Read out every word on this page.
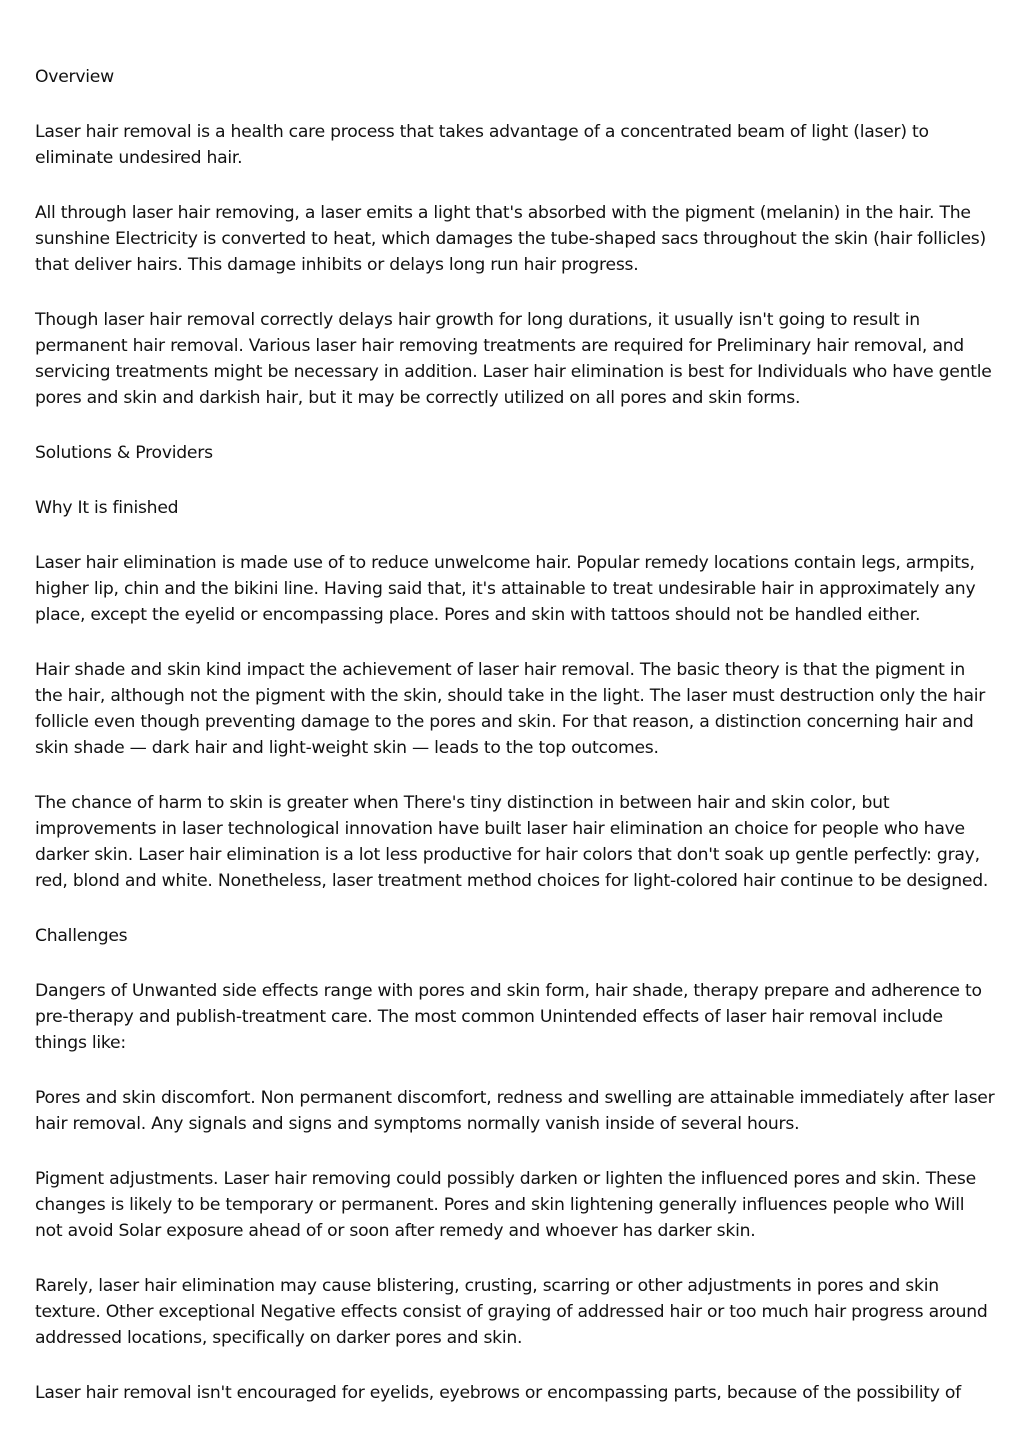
Overview

Laser hair removal is a health care process that takes advantage of a concentrated beam of light (laser) to eliminate undesired hair.

All through laser hair removing, a laser emits a light that's absorbed with the pigment (melanin) in the hair. The sunshine Electricity is converted to heat, which damages the tube-shaped sacs throughout the skin (hair follicles) that deliver hairs. This damage inhibits or delays long run hair progress.

Though laser hair removal correctly delays hair growth for long durations, it usually isn't going to result in permanent hair removal. Various laser hair removing treatments are required for Preliminary hair removal, and servicing treatments might be necessary in addition. Laser hair elimination is best for Individuals who have gentle pores and skin and darkish hair, but it may be correctly utilized on all pores and skin forms.

Solutions & Providers

Why It is finished

Laser hair elimination is made use of to reduce unwelcome hair. Popular remedy locations contain legs, armpits, higher lip, chin and the bikini line. Having said that, it's attainable to treat undesirable hair in approximately any place, except the eyelid or encompassing place. Pores and skin with tattoos should not be handled either.

Hair shade and skin kind impact the achievement of laser hair removal. The basic theory is that the pigment in the hair, although not the pigment with the skin, should take in the light. The laser must destruction only the hair follicle even though preventing damage to the pores and skin. For that reason, a distinction concerning hair and skin shade — dark hair and light-weight skin — leads to the top outcomes.

The chance of harm to skin is greater when There's tiny distinction in between hair and skin color, but improvements in laser technological innovation have built laser hair elimination an choice for people who have darker skin. Laser hair elimination is a lot less productive for hair colors that don't soak up gentle perfectly: gray, red, blond and white. Nonetheless, laser treatment method choices for light-colored hair continue to be designed.

Challenges

Dangers of Unwanted side effects range with pores and skin form, hair shade, therapy prepare and adherence to pre-therapy and publish-treatment care. The most common Unintended effects of laser hair removal include things like:

Pores and skin discomfort. Non permanent discomfort, redness and swelling are attainable immediately after laser hair removal. Any signals and signs and symptoms normally vanish inside of several hours.

Pigment adjustments. Laser hair removing could possibly darken or lighten the influenced pores and skin. These changes is likely to be temporary or permanent. Pores and skin lightening generally influences people who Will not avoid Solar exposure ahead of or soon after remedy and whoever has darker skin.

Rarely, laser hair elimination may cause blistering, crusting, scarring or other adjustments in pores and skin texture. Other exceptional Negative effects consist of graying of addressed hair or too much hair progress around addressed locations, specifically on darker pores and skin.

Laser hair removal isn't encouraged for eyelids, eyebrows or encompassing parts, because of the possibility of
